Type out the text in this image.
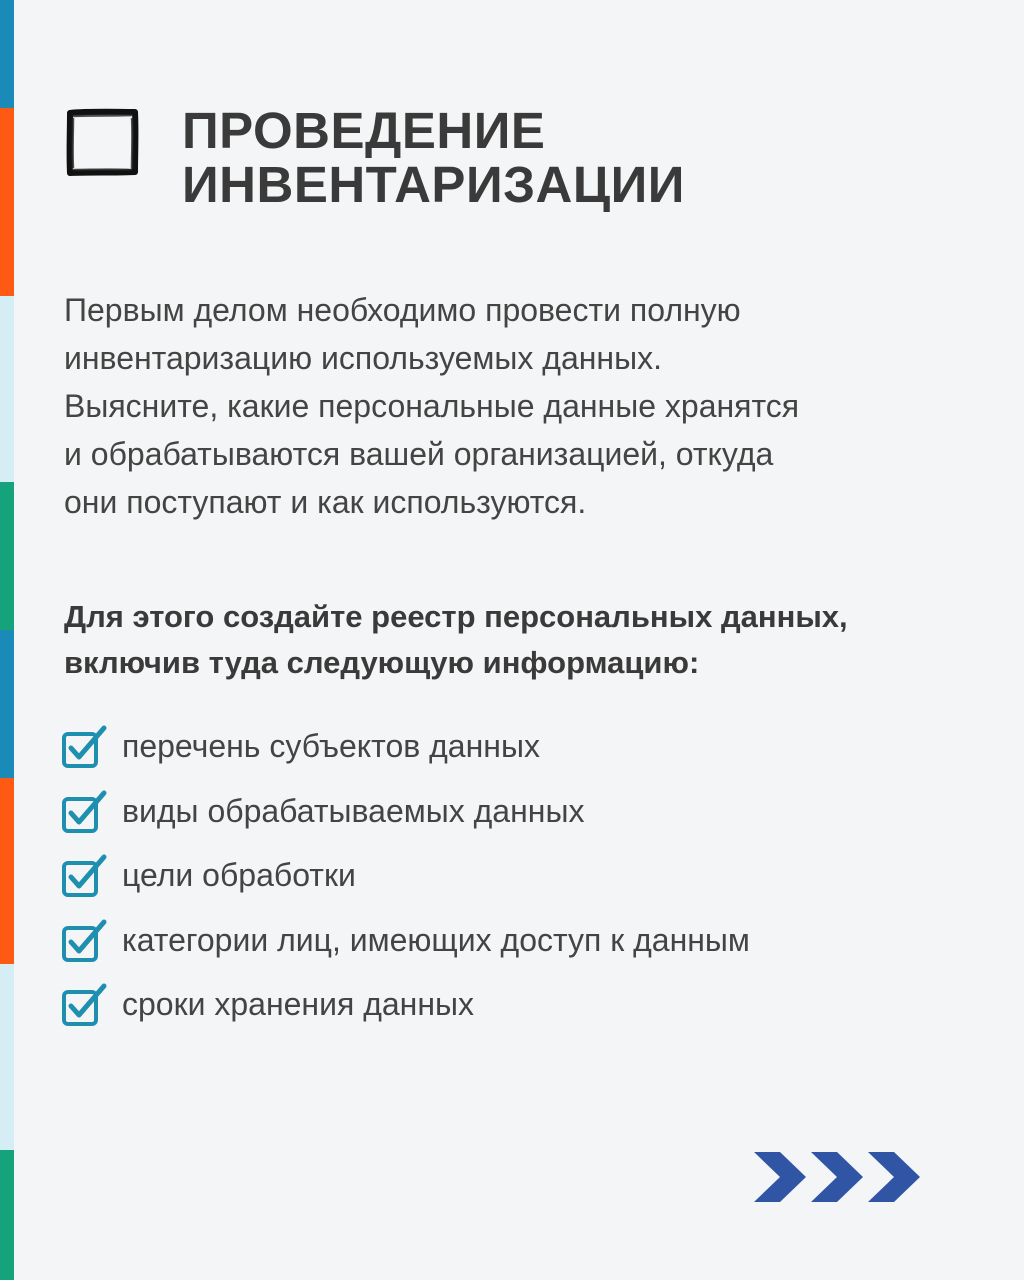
ПРОВЕДЕНИЕ
ИНВЕНТАРИЗАЦИИ

Первым делом необходимо провести полную
инвентаризацию используемых данных.
Выясните, какие персональные данные хранятся
и обрабатываются вашей организацией, откуда
они поступают и как используются.

Для этого создайте реестр персональных данных,
включив туда следующую информацию:

перечень субъектов данных
виды обрабатываемых данных
цели обработки
категории лиц, имеющих доступ к данным
сроки хранения данных
